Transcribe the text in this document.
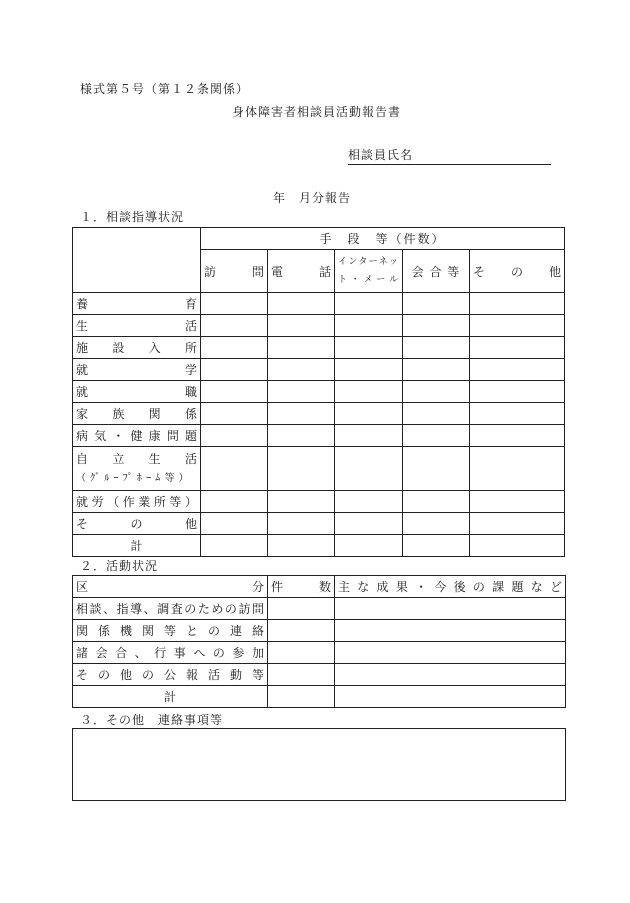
様式第５号（第１２条関係）
身体障害者相談員活動報告書
相談員氏名
年　月分報告
１．相談指導状況
	手　段　等（件数）				
	訪　　問	電　　話	インターネット・メール	会 合 等	そ　の　他
養　　育					
生　　活					
施 設 入 所					
就　　学					
就　　職					
家 族 関 係					
病気・健康問題					

自 立 生 活
（ｸﾞﾙｰﾌﾟﾎｰﾑ等）					

就労（作業所等）					
そ　の　他					
計					
２．活動状況
区　　分	件　数	主な成果・今後の課題など
相談、指導、調査のための訪問		
関係機関等との連絡		
諸会合、行事への参加		
その他の公報活動等		
計		
３．その他　連絡事項等
